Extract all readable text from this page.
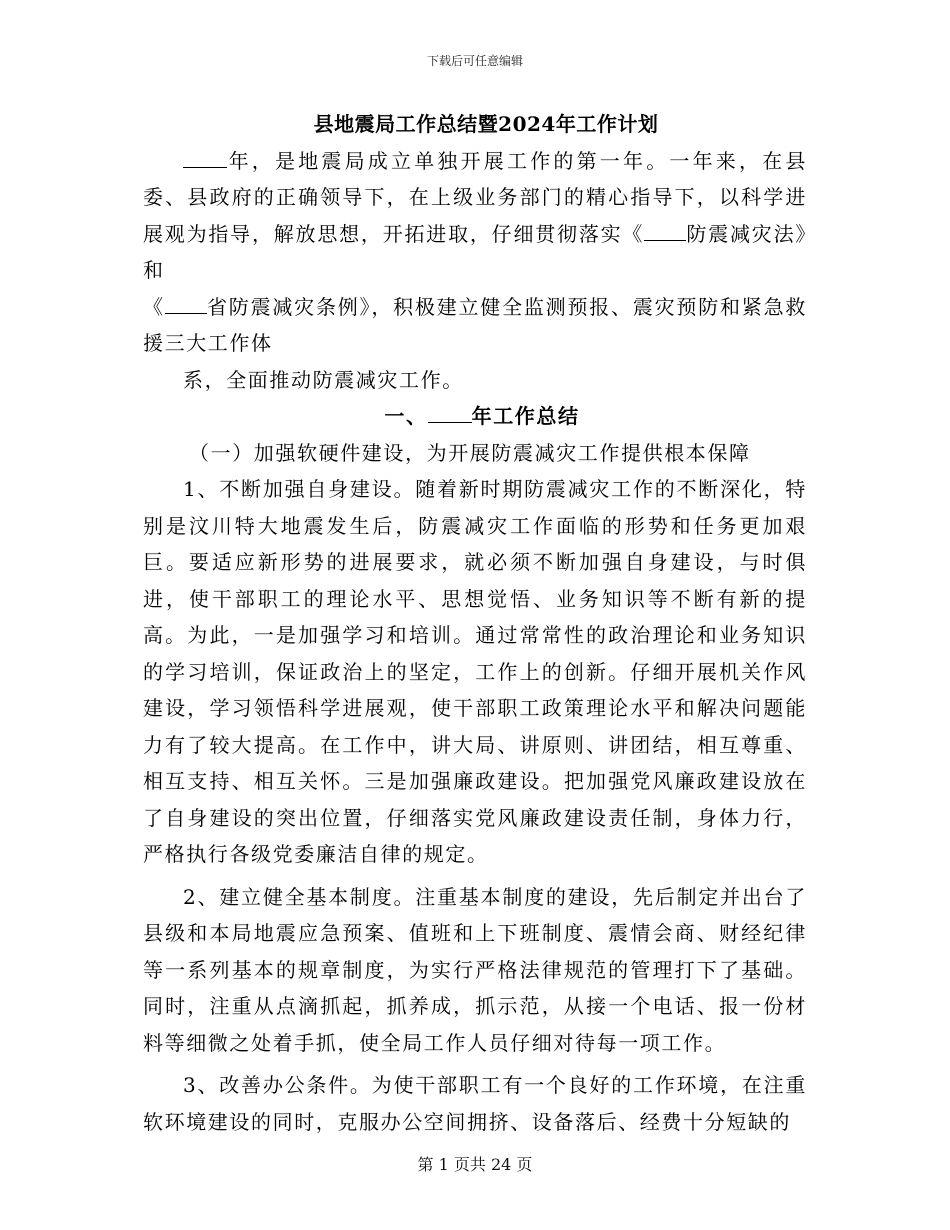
下载后可任意编辑

县地震局工作总结暨2024年工作计划

年，是地震局成立单独开展工作的第一年。一年来，在县委、县政府的正确领导下，在上级业务部门的精心指导下，以科学进展观为指导，解放思想，开拓进取，仔细贯彻落实《 防震减灾法》和
《 省防震减灾条例》，积极建立健全监测预报、震灾预防和紧急救援三大工作体

系，全面推动防震减灾工作。

一、 年工作总结

（一）加强软硬件建设，为开展防震减灾工作提供根本保障

1、不断加强自身建设。随着新时期防震减灾工作的不断深化，特别是汶川特大地震发生后，防震减灾工作面临的形势和任务更加艰巨。要适应新形势的进展要求，就必须不断加强自身建设，与时俱进，使干部职工的理论水平、思想觉悟、业务知识等不断有新的提高。为此，一是加强学习和培训。通过常常性的政治理论和业务知识的学习培训，保证政治上的坚定，工作上的创新。仔细开展机关作风建设，学习领悟科学进展观，使干部职工政策理论水平和解决问题能力有了较大提高。在工作中，讲大局、讲原则、讲团结，相互尊重、相互支持、相互关怀。三是加强廉政建设。把加强党风廉政建设放在了自身建设的突出位置，仔细落实党风廉政建设责任制，身体力行，严格执行各级党委廉洁自律的规定。

2、建立健全基本制度。注重基本制度的建设，先后制定并出台了县级和本局地震应急预案、值班和上下班制度、震情会商、财经纪律等一系列基本的规章制度，为实行严格法律规范的管理打下了基础。同时，注重从点滴抓起，抓养成，抓示范，从接一个电话、报一份材料等细微之处着手抓，使全局工作人员仔细对待每一项工作。

3、改善办公条件。为使干部职工有一个良好的工作环境，在注重软环境建设的同时，克服办公空间拥挤、设备落后、经费十分短缺的

第 1 页共 24 页
